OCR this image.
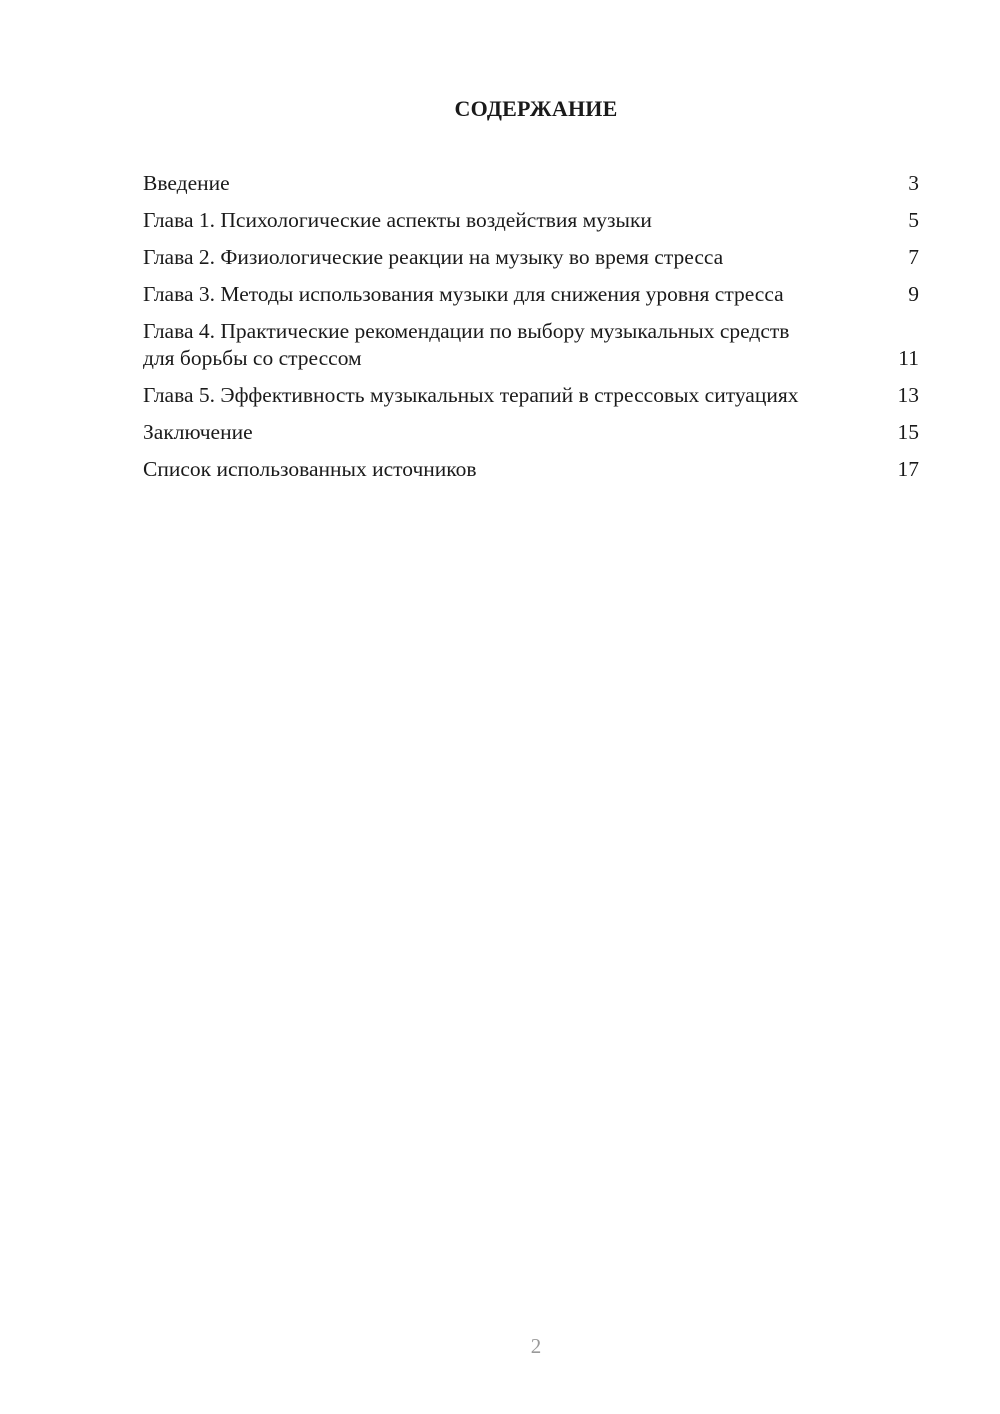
СОДЕРЖАНИЕ
Введение	3
Глава 1. Психологические аспекты воздействия музыки	5
Глава 2. Физиологические реакции на музыку во время стресса	7
Глава 3. Методы использования музыки для снижения уровня стресса	9
Глава 4. Практические рекомендации по выбору музыкальных средств для борьбы со стрессом	11
Глава 5. Эффективность музыкальных терапий в стрессовых ситуациях	13
Заключение	15
Список использованных источников	17
2
